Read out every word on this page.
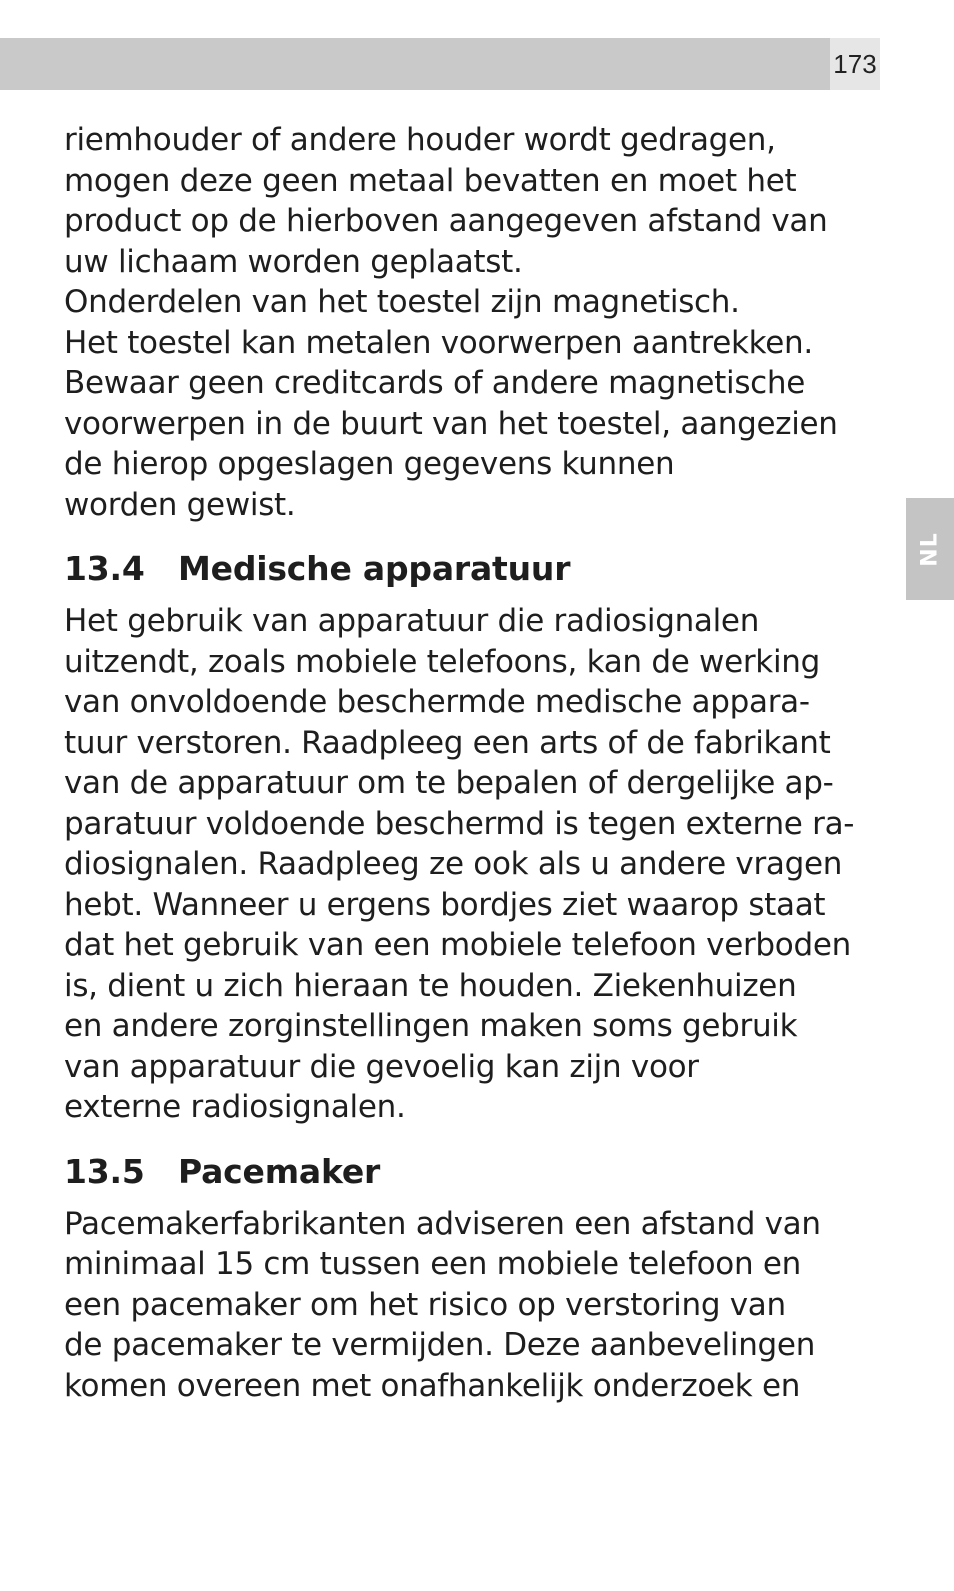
173
NL
riemhouder of andere houder wordt gedragen,
mogen deze geen metaal bevatten en moet het
product op de hierboven aangegeven afstand van
uw lichaam worden geplaatst.
Onderdelen van het toestel zijn magnetisch.
Het toestel kan metalen voorwerpen aantrekken.
Bewaar geen creditcards of andere magnetische
voorwerpen in de buurt van het toestel, aangezien
de hierop opgeslagen gegevens kunnen
worden gewist.
13.4 Medische apparatuur
Het gebruik van apparatuur die radiosignalen
uitzendt, zoals mobiele telefoons, kan de werking
van onvoldoende beschermde medische appara-
tuur verstoren. Raadpleeg een arts of de fabrikant
van de apparatuur om te bepalen of dergelijke ap-
paratuur voldoende beschermd is tegen externe ra-
diosignalen. Raadpleeg ze ook als u andere vragen
hebt. Wanneer u ergens bordjes ziet waarop staat
dat het gebruik van een mobiele telefoon verboden
is, dient u zich hieraan te houden. Ziekenhuizen
en andere zorginstellingen maken soms gebruik
van apparatuur die gevoelig kan zijn voor
externe radiosignalen.
13.5 Pacemaker
Pacemakerfabrikanten adviseren een afstand van
minimaal 15 cm tussen een mobiele telefoon en
een pacemaker om het risico op verstoring van
de pacemaker te vermijden. Deze aanbevelingen
komen overeen met onafhankelijk onderzoek en
